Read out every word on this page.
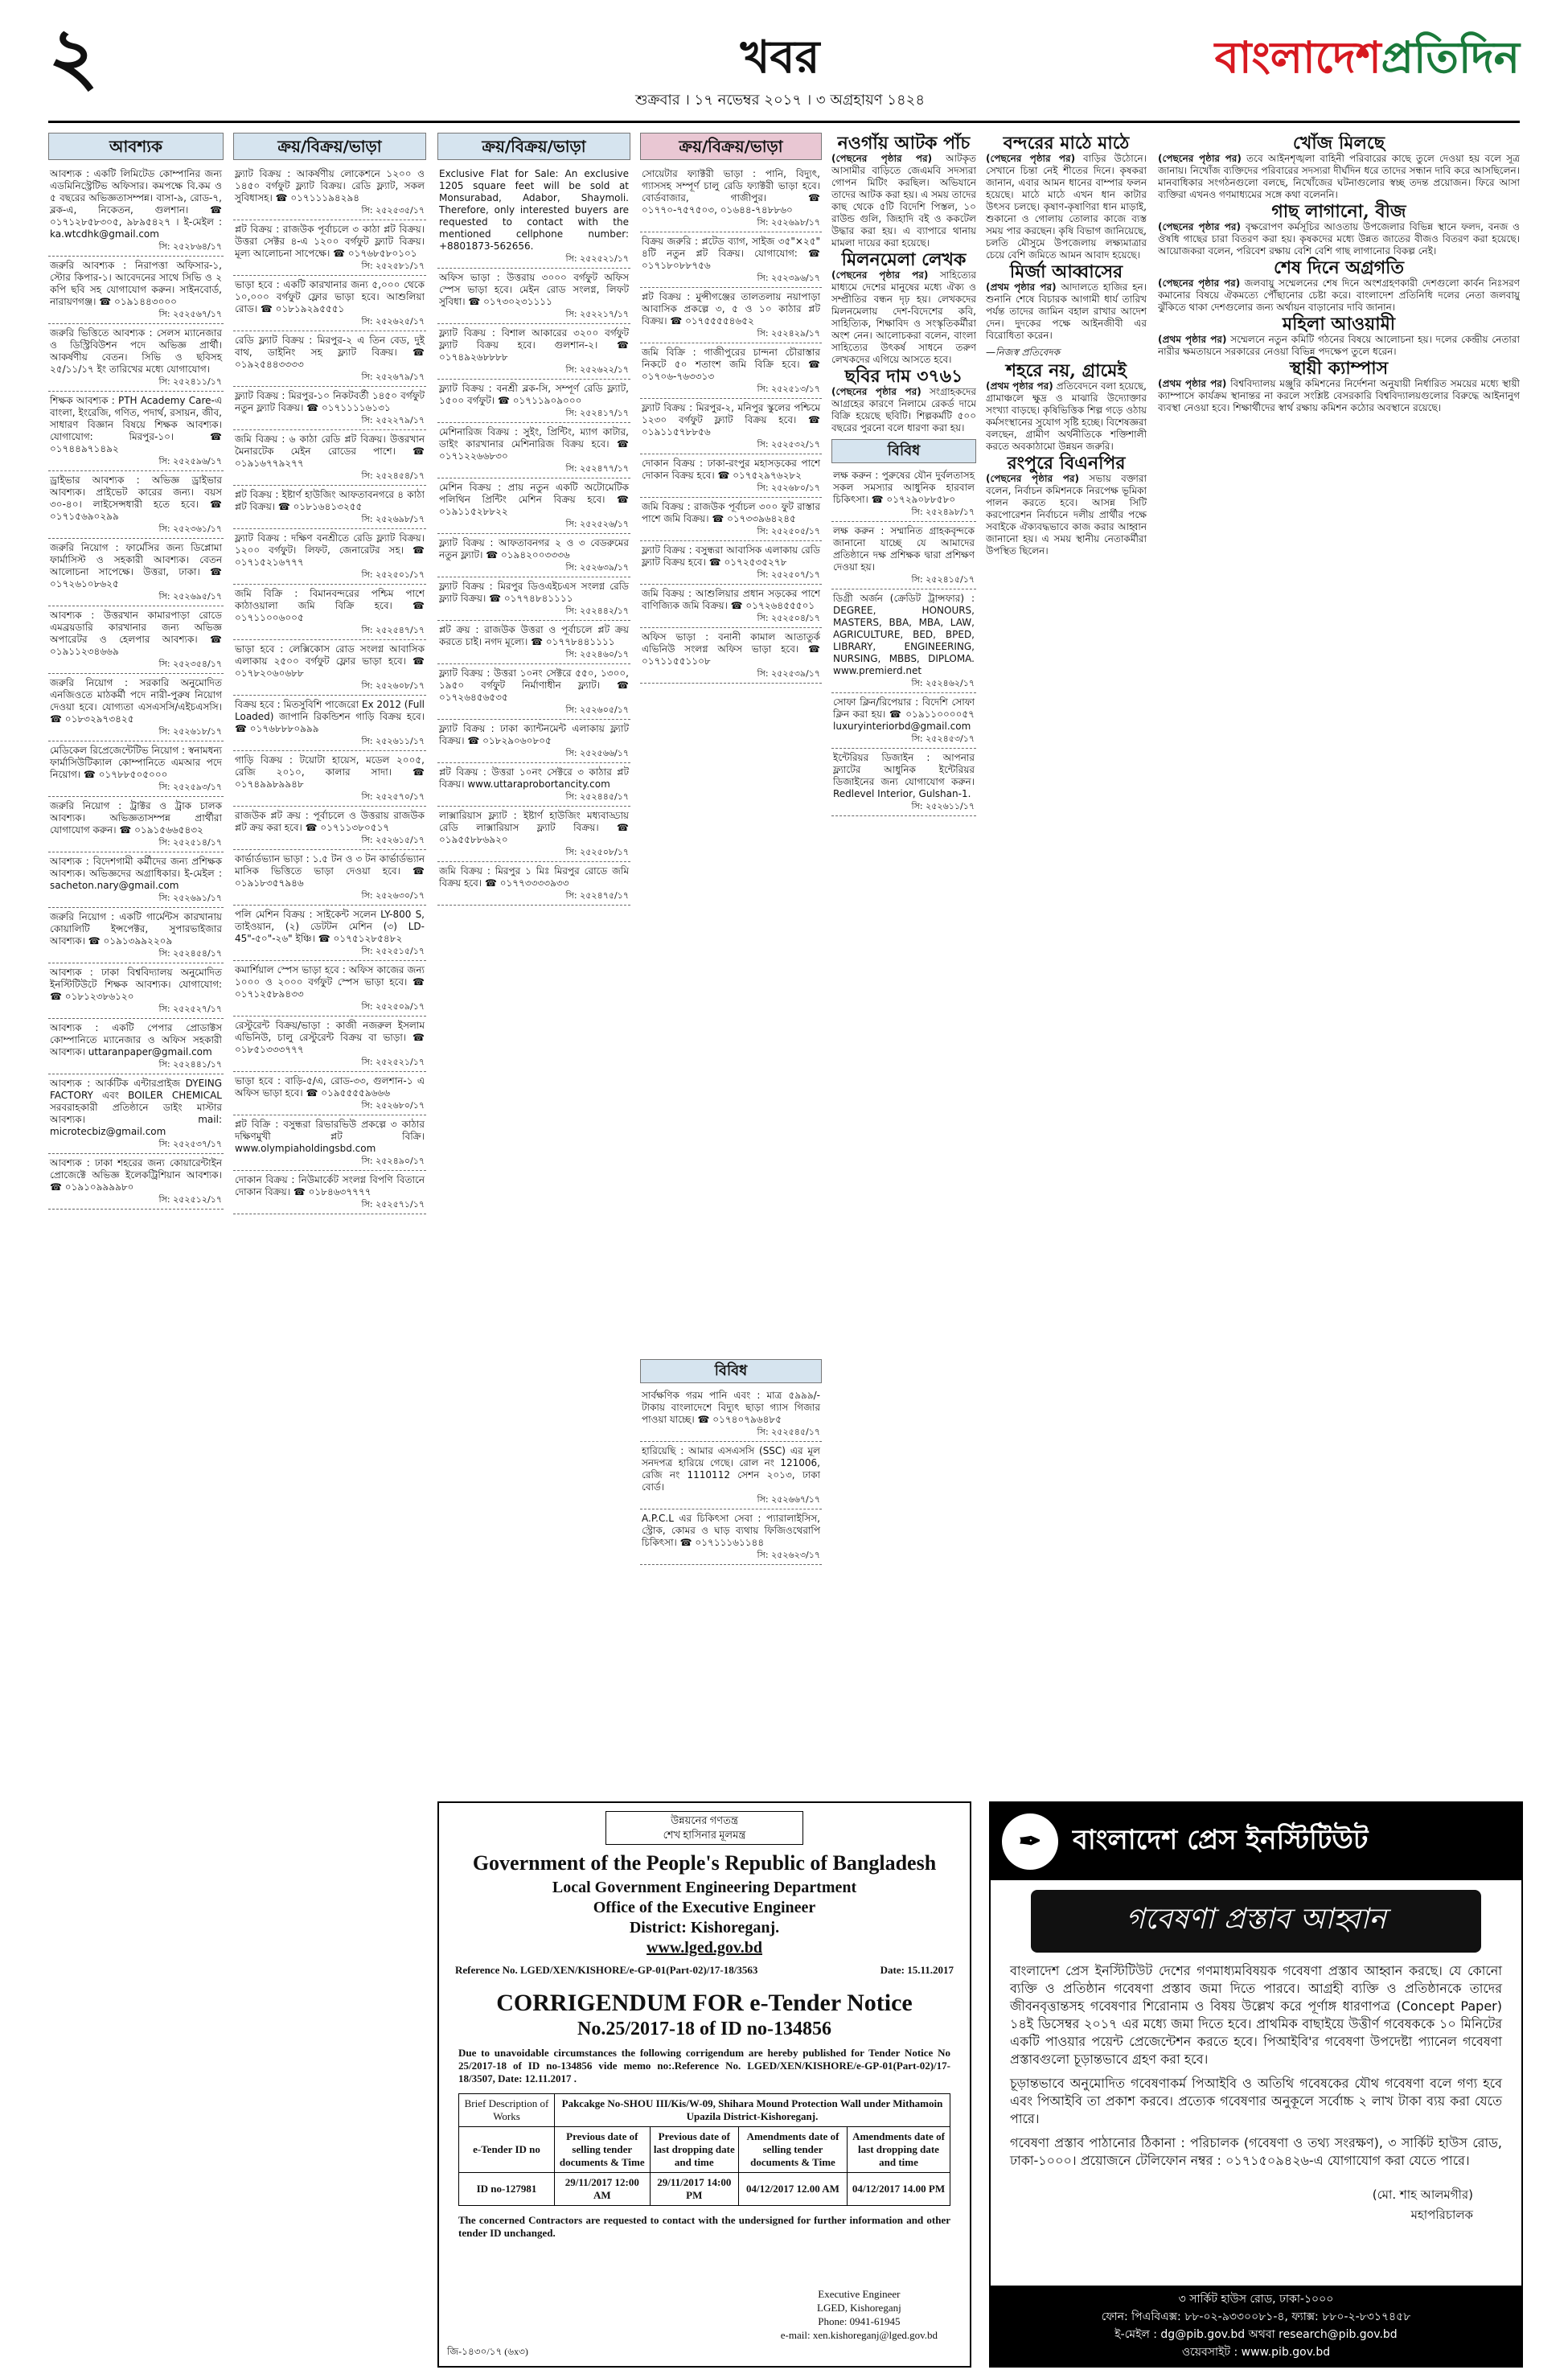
২	খবর
শুক্রবার । ১৭ নভেম্বর ২০১৭ । ৩ অগ্রহায়ণ ১৪২৪
বাংলাদেশ প্রতিদিন
আবশ্যক
আবশ্যক : একটি লিমিটেড কোম্পানির জন্য এডমিনিস্ট্রেটিভ অফিসার। কমপক্ষে বি.কম ও ৫ বছরের অভিজ্ঞতাসম্পন্ন। বাসা-৯, রোড-৭, ব্লক-এ, নিকেতন, গুলশান। ☎ ০১৭১২৮৫৮৩০৫, ৯৮৯৫৪২৭ । ই-মেইল : ka.wtcdhk@gmail.com
সি: ২৫২৮৬৪/১৭
জরুরি আবশ্যক : নিরাপত্তা অফিসার-১, স্টোর কিপার-১। আবেদনের সাথে সিভি ও ২ কপি ছবি সহ যোগাযোগ করুন। সাইনবোর্ড, নারায়ণগঞ্জ। ☎ ০১৯১৪৪৩০০০
সি: ২৫২৫৬৭/১৭
জরুরি ভিত্তিতে আবশ্যক : সেলস ম্যানেজার ও ডিস্ট্রিবিউশন পদে অভিজ্ঞ প্রার্থী। আকর্ষণীয় বেতন। সিভি ও ছবিসহ ২৫/১১/১৭ ইং তারিখের মধ্যে যোগাযোগ।
সি: ২৫২৪১১/১৭
শিক্ষক আবশ্যক : PTH Academy Care-এ বাংলা, ইংরেজি, গণিত, পদার্থ, রসায়ন, জীব, সাধারণ বিজ্ঞান বিষয়ে শিক্ষক আবশ্যক। যোগাযোগ: মিরপুর-১০। ☎ ০১৭৪৪৯৭১৪৯২
সি: ২৫২৫৯৬/১৭
ড্রাইভার আবশ্যক : অভিজ্ঞ ড্রাইভার আবশ্যক। প্রাইভেট কারের জন্য। বয়স ৩০-৪০। লাইসেন্সধারী হতে হবে। ☎ ০১৭১৫৬৯০২৯৯
সি: ২৫২৩৬১/১৭
জরুরি নিয়োগ : ফার্মেসির জন্য ডিপ্লোমা ফার্মাসিস্ট ও সহকারী আবশ্যক। বেতন আলোচনা সাপেক্ষে। উত্তরা, ঢাকা। ☎ ০১৭২৬১০৮৬২৫
সি: ২৫২৬৯৫/১৭
আবশ্যক : উত্তরখান কামারপাড়া রোডে এমব্রয়ডারি কারখানার জন্য অভিজ্ঞ অপারেটর ও হেলপার আবশ্যক। ☎ ০১৯১১২৩৪৬৬৯
সি: ২৫২৩৫৪/১৭
জরুরি নিয়োগ : সরকারি অনুমোদিত এনজিওতে মাঠকর্মী পদে নারী-পুরুষ নিয়োগ দেওয়া হবে। যোগ্যতা এসএসসি/এইচএসসি। ☎ ০১৮৩২৯৭৩৪২৫
সি: ২৫২৬১৮/১৭
মেডিকেল রিপ্রেজেন্টেটিভ নিয়োগ : স্বনামধন্য ফার্মাসিউটিক্যাল কোম্পানিতে এমআর পদে নিয়োগ। ☎ ০১৭৮৮৫০৫০০০
সি: ২৫২৫৯৩/১৭
জরুরি নিয়োগ : ট্রাক্টর ও ট্রাক চালক আবশ্যক। অভিজ্ঞতাসম্পন্ন প্রার্থীরা যোগাযোগ করুন। ☎ ০১৯১৫৬৬৫৪৩২
সি: ২৫২৫১৪/১৭
আবশ্যক : বিদেশগামী কর্মীদের জন্য প্রশিক্ষক আবশ্যক। অভিজ্ঞদের অগ্রাধিকার। ই-মেইল : sacheton.nary@gmail.com
সি: ২৫২৬৯১/১৭
জরুরি নিয়োগ : একটি গার্মেন্টস কারখানায় কোয়ালিটি ইন্সপেক্টর, সুপারভাইজার আবশ্যক। ☎ ০১৯১৩৯৯২২০৯
সি: ২৫২৪৫৪/১৭
আবশ্যক : ঢাকা বিশ্ববিদ্যালয় অনুমোদিত ইনস্টিটিউটে শিক্ষক আবশ্যক। যোগাযোগ: ☎ ০১৮১২৩৮৬১২০
সি: ২৫২৫২৭/১৭
আবশ্যক : একটি পেপার প্রোডাক্টস কোম্পানিতে ম্যানেজার ও অফিস সহকারী আবশ্যক। uttaranpaper@gmail.com
সি: ২৫২৪৪১/১৭
আবশ্যক : আর্কটিক এন্টারপ্রাইজ DYEING FACTORY এবং BOILER CHEMICAL সরবরাহকারী প্রতিষ্ঠানে ডাইং মাস্টার আবশ্যক। mail: microtecbiz@gmail.com
সি: ২৫২৫৩৭/১৭
আবশ্যক : ঢাকা শহরের জন্য কোয়ারেন্টাইন প্রোজেক্টে অভিজ্ঞ ইলেকট্রিশিয়ান আবশ্যক। ☎ ০১৯১০৯৯৯৯৮০
সি: ২৫২৫১২/১৭
ক্রয়/বিক্রয়/ভাড়া
ফ্ল্যাট বিক্রয় : আকর্ষণীয় লোকেশনে ১২০০ ও ১৪৫০ বর্গফুট ফ্ল্যাট বিক্রয়। রেডি ফ্ল্যাট, সকল সুবিধাসহ। ☎ ০১৭১১১৯৪২৯৪
সি: ২৫২৫৩৫/১৭
প্লট বিক্রয় : রাজউক পূর্বাচলে ৩ কাঠা প্লট বিক্রয়। উত্তরা সেক্টর ৪-এ ১২০০ বর্গফুট ফ্ল্যাট বিক্রয়। মূল্য আলোচনা সাপেক্ষে। ☎ ০১৭৬৮৫৮০১০১
সি: ২৫২৫৮১/১৭
ভাড়া হবে : একটি কারখানার জন্য ৫,০০০ থেকে ১০,০০০ বর্গফুট ফ্লোর ভাড়া হবে। আশুলিয়া রোড। ☎ ০১৮১৯২৯৫৫৫১
সি: ২৫২৬২৫/১৭
রেডি ফ্ল্যাট বিক্রয় : মিরপুর-২ এ তিন বেড, দুই বাথ, ডাইনিং সহ ফ্ল্যাট বিক্রয়। ☎ ০১৯২৫৪৪৩৩৩৩
সি: ২৫২৬৭৯/১৭
ফ্ল্যাট বিক্রয় : মিরপুর-১০ নিকটবর্তী ১৪৫০ বর্গফুট নতুন ফ্ল্যাট বিক্রয়। ☎ ০১৭১১১১৬১৩১
সি: ২৫২২৭৯/১৭
জমি বিক্রয় : ৬ কাঠা রেডি প্লট বিক্রয়। উত্তরখান মৈনারটেক মেইন রোডের পাশে। ☎ ০১৯১৬৭৭৯২৭৭
সি: ২৫২৪৫৪/১৭
প্লট বিক্রয় : ইষ্টার্ণ হাউজিং আফতাবনগরে ৪ কাঠা প্লট বিক্রয়। ☎ ০১৮১৬৪১৩২৫৫
সি: ২৫২৬৯৮/১৭
ফ্ল্যাট বিক্রয় : দক্ষিণ বনশ্রীতে রেডি ফ্ল্যাট বিক্রয়। ১২০০ বর্গফুট। লিফট, জেনারেটর সহ। ☎ ০১৭১৫২১৬৭৭৭
সি: ২৫২৫০১/১৭
জমি বিক্রি : বিমানবন্দরের পশ্চিম পাশে কাঠাওয়ালা জমি বিক্রি হবে। ☎ ০১৭১১০০৬০০৫
সি: ২৫২৫৪৭/১৭
ভাড়া হবে : লেক্সিকোস রোড সংলগ্ন আবাসিক এলাকায় ২৫০০ বর্গফুট ফ্লোর ভাড়া হবে। ☎ ০১৭৮২০৬০৬৮৮
সি: ২৫২৬০৮/১৭
বিক্রয় হবে : মিতসুবিশি পাজেরো Ex 2012 (Full Loaded) জাপানি রিকন্ডিশন গাড়ি বিক্রয় হবে। ☎ ০১৭৬৮৮৮০৯৯৯
সি: ২৫২৬১১/১৭
গাড়ি বিক্রয় : টয়োটা হায়েস, মডেল ২০০৫, রেজি ২০১০, কালার সাদা। ☎ ০১৭৪৯৯৮৯৯৪৮
সি: ২৫২৫৭০/১৭
রাজউক প্লট ক্রয় : পূর্বাচলে ও উত্তরায় রাজউক প্লট ক্রয় করা হবে। ☎ ০১৭১১৩৮০৫১৭
সি: ২৫২৬১৫/১৭
কার্ভার্ডভ্যান ভাড়া : ১.৫ টন ও ৩ টন কার্ভার্ডভ্যান মাসিক ভিত্তিতে ভাড়া দেওয়া হবে। ☎ ০১৯১৮৩৫৭৯৪৬
সি: ২৫২৬৩০/১৭
পলি মেশিন বিক্রয় : সাইকেন্ট সলেন LY-800 S, তাইওয়ান, (২) ডেটটন মেশিন (৩) LD-45"-৫০"-২৬" ইঞ্চি। ☎ ০১৭৫১২৮৫৪৮২
সি: ২৫২৫১৫/১৭
কমার্শিয়াল স্পেস ভাড়া হবে : অফিস কাজের জন্য ১০০০ ও ২০০০ বর্গফুট স্পেস ভাড়া হবে। ☎ ০১৭১২৫৮৯৪৩৩
সি: ২৫২৫০৯/১৭
রেস্টুরেন্ট বিক্রয়/ভাড়া : কাজী নজরুল ইসলাম এভিনিউ, চালু রেস্টুরেন্ট বিক্রয় বা ভাড়া। ☎ ০১৮৫১৩৩৩৭৭৭
সি: ২৫২৫২১/১৭
ভাড়া হবে : বাড়ি-৫/এ, রোড-৩৩, গুলশান-১ এ অফিস ভাড়া হবে। ☎ ০১৯৫৫৫৫৯৬৬৬
সি: ২৫২৬৮০/১৭
প্লট বিক্রি : বসুন্ধরা রিভারভিউ প্রকল্পে ৩ কাঠার দক্ষিণমুখী প্লট বিক্রি। www.olympiaholdingsbd.com
সি: ২৫২৪৯০/১৭
দোকান বিক্রয় : নিউমার্কেট সংলগ্ন বিপণি বিতানে দোকান বিক্রয়। ☎ ০১৮৪৬৩৭৭৭৭
সি: ২৫২৫৭১/১৭
ক্রয়/বিক্রয়/ভাড়া
Exclusive Flat for Sale: An exclusive 1205 square feet will be sold at Monsurabad, Adabor, Shaymoli. Therefore, only interested buyers are requested to contact with the mentioned cellphone number: +8801873-562656.
সি: ২৫২৫২১/১৭
অফিস ভাড়া : উত্তরায় ৩০০০ বর্গফুট অফিস স্পেস ভাড়া হবে। মেইন রোড সংলগ্ন, লিফট সুবিধা। ☎ ০১৭৩০২৩১১১১
সি: ২৫২২১৭/১৭
ফ্ল্যাট বিক্রয় : বিশাল আকারের ৩২০০ বর্গফুট ফ্ল্যাট বিক্রয় হবে। গুলশান-২। ☎ ০১৭৪৯২৬৮৮৮৮
সি: ২৫২৬২২/১৭
ফ্ল্যাট বিক্রয় : বনশ্রী ব্লক-সি, সম্পূর্ণ রেডি ফ্ল্যাট, ১৫০০ বর্গফুট। ☎ ০১৭১১৯০৯০০০
সি: ২৫২৪১৭/১৭
মেশিনারিজ বিক্রয় : সুইং, প্রিন্টিং, ম্যাগ কাটার, ডাইং কারখানার মেশিনারিজ বিক্রয় হবে। ☎ ০১৭১২২৬৬৮৩০
সি: ২৫২৪৭৭/১৭
মেশিন বিক্রয় : প্রায় নতুন একটি অটোমেটিক পলিথিন প্রিন্টিং মেশিন বিক্রয় হবে। ☎ ০১৯১১৫২৮৮২২
সি: ২৫২৫২৬/১৭
ফ্ল্যাট বিক্রয় : আফতাবনগর ২ ও ৩ বেডরুমের নতুন ফ্ল্যাট। ☎ ০১৯৪২০০৩৩৩৬
সি: ২৫২৬৩৯/১৭
ফ্ল্যাট বিক্রয় : মিরপুর ডিওএইচএস সংলগ্ন রেডি ফ্ল্যাট বিক্রয়। ☎ ০১৭৭৪৮৪১১১১
সি: ২৫২৪৪২/১৭
প্লট ক্রয় : রাজউক উত্তরা ও পূর্বাচলে প্লট ক্রয় করতে চাই। নগদ মূল্যে। ☎ ০১৭৭৮৪৪১১১১
সি: ২৫২৪৬০/১৭
ফ্ল্যাট বিক্রয় : উত্তরা ১০নং সেক্টরে ৫৫০, ১৩০০, ১৯৫০ বর্গফুট নির্মাণাধীন ফ্ল্যাট। ☎ ০১৭২৬৪৫৬৫৩৫
সি: ২৫২৬০৫/১৭
ফ্ল্যাট বিক্রয় : ঢাকা ক্যান্টনমেন্ট এলাকায় ফ্ল্যাট বিক্রয়। ☎ ০১৮২৯০৬০৮০৫
সি: ২৫২৫৬৬/১৭
প্লট বিক্রয় : উত্তরা ১০নং সেক্টরে ৩ কাঠার প্লট বিক্রয়। www.uttaraprobortancity.com
সি: ২৫২৪৪৫/১৭
লাক্সারিয়াস ফ্ল্যাট : ইষ্টার্ণ হাউজিং মধ্যবাড্ডায় রেডি লাক্সারিয়াস ফ্ল্যাট বিক্রয়। ☎ ০১৯৫৫৮৮৬৯২০
সি: ২৫২৫০৮/১৭
জমি বিক্রয় : মিরপুর ১ মিঃ মিরপুর রোডে জমি বিক্রয় হবে। ☎ ০১৭৭৩৩৩৩৯৩৩
সি: ২৫২৪৭৫/১৭
ক্রয়/বিক্রয়/ভাড়া
সোয়েটার ফ্যাক্টরী ভাড়া : পানি, বিদ্যুৎ, গ্যাসসহ সম্পূর্ণ চালু রেডি ফ্যাক্টরী ভাড়া হবে। বোর্ডবাজার, গাজীপুর। ☎ ০১৭৭০-৭৫৭৫০৩, ০১৬৪৪-৭৪৮৮৬০
সি: ২৫২৬৯৮/১৭
বিক্রয় জরুরি : প্লটেড ব্যাগ, সাইজ ৩৫"×২৫" ৪টি নতুন প্লট বিক্রয়। যোগাযোগ: ☎ ০১৭১৮০৮৮৭৫৬
সি: ২৫২৩৯৬/১৭
প্লট বিক্রয় : মুন্সীগঞ্জের তালতলায় নয়াপাড়া আবাসিক প্রকল্পে ৩, ৫ ও ১০ কাঠার প্লট বিক্রয়। ☎ ০১৭৫৫৫৫৪৬৫২
সি: ২৫২৪২৯/১৭
জমি বিক্রি : গাজীপুরের চান্দনা চৌরাস্তার নিকটে ৫০ শতাংশ জমি বিক্রি হবে। ☎ ০১৭০৬-৭৬৩৩১৩
সি: ২৫২৫১৩/১৭
ফ্ল্যাট বিক্রয় : মিরপুর-২, মনিপুর স্কুলের পশ্চিমে ১২৩০ বর্গফুট ফ্ল্যাট বিক্রয় হবে। ☎ ০১৯১১৫৭৮৮৫৬
সি: ২৫২৫৩২/১৭
দোকান বিক্রয় : ঢাকা-রংপুর মহাসড়কের পাশে দোকান বিক্রয় হবে। ☎ ০১৭৫২৯৭৬২৮২
সি: ২৫২৬৮০/১৭
জমি বিক্রয় : রাজউক পূর্বাচল ৩০০ ফুট রাস্তার পাশে জমি বিক্রয়। ☎ ০১৭৩৩৯৬৪২৪৫
সি: ২৫২৫০৫/১৭
ফ্ল্যাট বিক্রয় : বসুন্ধরা আবাসিক এলাকায় রেডি ফ্ল্যাট বিক্রয় হবে। ☎ ০১৭২৫৩৫২৭৮
সি: ২৫২৫০৭/১৭
জমি বিক্রয় : আশুলিয়ার প্রধান সড়কের পাশে বাণিজ্যিক জমি বিক্রয়। ☎ ০১৭২৬৪৫৫৫০১
সি: ২৫২৫০৪/১৭
অফিস ভাড়া : বনানী কামাল আতাতুর্ক এভিনিউ সংলগ্ন অফিস ভাড়া হবে। ☎ ০১৭১১৫৫১১০৮
সি: ২৫২৫৩৯/১৭
বিবিধ
সার্বক্ষণিক গরম পানি এবং : মাত্র ৫৯৯৯/- টাকায় বাংলাদেশে বিদ্যুৎ ছাড়া গ্যাস গিজার পাওয়া যাচ্ছে। ☎ ০১৭৪০৭৯৬৪৮৫
সি: ২৫২৫৪৫/১৭
হারিয়েছি : আমার এসএসসি (SSC) এর মূল সনদপত্র হারিয়ে গেছে। রোল নং 121006, রেজি নং 1110112 সেশন ২০১৩, ঢাকা বোর্ড।
সি: ২৫২৬৬৭/১৭
A.P.C.L এর চিকিৎসা সেবা : প্যারালাইসিস, স্ট্রোক, কোমর ও ঘাড় ব্যথায় ফিজিওথেরাপি চিকিৎসা। ☎ ০১৭১১১৬১১৪৪
সি: ২৫২৬২৩/১৭
নওগাঁয় আটক পাঁচ

(পেছনের পৃষ্ঠার পর) আটকৃত আসামীর বাড়িতে জেএমবি সদস্যরা গোপন মিটিং করছিল। অভিযানে তাদের আটক করা হয়। এ সময় তাদের কাছ থেকে ৫টি বিদেশি পিস্তল, ১০ রাউন্ড গুলি, জিহাদি বই ও ককটেল উদ্ধার করা হয়। এ ব্যাপারে থানায় মামলা দায়ের করা হয়েছে।

মিলনমেলা লেখক

(পেছনের পৃষ্ঠার পর) সাহিত্যের মাধ্যমে দেশের মানুষের মধ্যে ঐক্য ও সম্প্রীতির বন্ধন দৃঢ় হয়। লেখকদের মিলনমেলায় দেশ-বিদেশের কবি, সাহিত্যিক, শিক্ষাবিদ ও সংস্কৃতিকর্মীরা অংশ নেন। আলোচকরা বলেন, বাংলা সাহিত্যের উৎকর্ষ সাধনে তরুণ লেখকদের এগিয়ে আসতে হবে।

ছবির দাম ৩৭৬১

(পেছনের পৃষ্ঠার পর) সংগ্রাহকদের আগ্রহের কারণে নিলামে রেকর্ড দামে বিক্রি হয়েছে ছবিটি। শিল্পকর্মটি ৫০০ বছরের পুরনো বলে ধারণা করা হয়।

বিবিধ
লক্ষ করুন : পুরুষের যৌন দুর্বলতাসহ সকল সমস্যার আধুনিক হারবাল চিকিৎসা। ☎ ০১৭২৯০৮৮৫৮০
সি: ২৫২৪৯৮/১৭
লক্ষ করুন : সম্মানিত গ্রাহকবৃন্দকে জানানো যাচ্ছে যে আমাদের প্রতিষ্ঠানে দক্ষ প্রশিক্ষক দ্বারা প্রশিক্ষণ দেওয়া হয়।
সি: ২৫২৪১৫/১৭
ডিগ্রী অর্জন (ক্রেডিট ট্রান্সফার) : DEGREE, HONOURS, MASTERS, BBA, MBA, LAW, AGRICULTURE, BED, BPED, LIBRARY, ENGINEERING, NURSING, MBBS, DIPLOMA. www.premierd.net
সি: ২৫২৪৬২/১৭
সোফা ক্লিন/রিপেয়ার : বিদেশি সোফা ক্লিন করা হয়। ☎ ০১৯১১০০০০৫৭ luxuryinteriorbd@gmail.com
সি: ২৫২৪৫৩/১৭
ইন্টেরিয়র ডিজাইন : আপনার ফ্ল্যাটের আধুনিক ইন্টেরিয়র ডিজাইনের জন্য যোগাযোগ করুন। Redlevel Interior, Gulshan-1.
সি: ২৫২৬১১/১৭
বন্দরের মাঠে মাঠে

(পেছনের পৃষ্ঠার পর) বাড়ির উঠোনে। সেখানে চিন্তা নেই শীতের দিনে। কৃষকরা জানান, এবার আমন ধানের বাম্পার ফলন হয়েছে। মাঠে মাঠে এখন ধান কাটার উৎসব চলছে। কৃষাণ-কৃষাণিরা ধান মাড়াই, শুকানো ও গোলায় তোলার কাজে ব্যস্ত সময় পার করছেন। কৃষি বিভাগ জানিয়েছে, চলতি মৌসুমে উপজেলায় লক্ষ্যমাত্রার চেয়ে বেশি জমিতে আমন আবাদ হয়েছে।

মির্জা আব্বাসের

(প্রথম পৃষ্ঠার পর) আদালতে হাজির হন। শুনানি শেষে বিচারক আগামী ধার্য তারিখ পর্যন্ত তাদের জামিন বহাল রাখার আদেশ দেন। দুদকের পক্ষে আইনজীবী এর বিরোধিতা করেন।

—নিজস্ব প্রতিবেদক
শহরে নয়, গ্রামেই

(প্রথম পৃষ্ঠার পর) প্রতিবেদনে বলা হয়েছে, গ্রামাঞ্চলে ক্ষুদ্র ও মাঝারি উদ্যোক্তার সংখ্যা বাড়ছে। কৃষিভিত্তিক শিল্প গড়ে ওঠায় কর্মসংস্থানের সুযোগ সৃষ্টি হচ্ছে। বিশেষজ্ঞরা বলছেন, গ্রামীণ অর্থনীতিকে শক্তিশালী করতে অবকাঠামো উন্নয়ন জরুরি।

রংপুরে বিএনপির

(পেছনের পৃষ্ঠার পর) সভায় বক্তারা বলেন, নির্বাচন কমিশনকে নিরপেক্ষ ভূমিকা পালন করতে হবে। আসন্ন সিটি করপোরেশন নির্বাচনে দলীয় প্রার্থীর পক্ষে সবাইকে ঐক্যবদ্ধভাবে কাজ করার আহ্বান জানানো হয়। এ সময় স্থানীয় নেতাকর্মীরা উপস্থিত ছিলেন।

খোঁজ মিলছে

(পেছনের পৃষ্ঠার পর) তবে আইনশৃঙ্খলা বাহিনী পরিবারের কাছে তুলে দেওয়া হয় বলে সূত্র জানায়। নিখোঁজ ব্যক্তিদের পরিবারের সদস্যরা দীর্ঘদিন ধরে তাদের সন্ধান দাবি করে আসছিলেন। মানবাধিকার সংগঠনগুলো বলছে, নিখোঁজের ঘটনাগুলোর স্বচ্ছ তদন্ত প্রয়োজন। ফিরে আসা ব্যক্তিরা এখনও গণমাধ্যমের সঙ্গে কথা বলেননি।

গাছ লাগানো, বীজ

(পেছনের পৃষ্ঠার পর) বৃক্ষরোপণ কর্মসূচির আওতায় উপজেলার বিভিন্ন স্থানে ফলদ, বনজ ও ঔষধি গাছের চারা বিতরণ করা হয়। কৃষকদের মধ্যে উন্নত জাতের বীজও বিতরণ করা হয়েছে। আয়োজকরা বলেন, পরিবেশ রক্ষায় বেশি বেশি গাছ লাগানোর বিকল্প নেই।

শেষ দিনে অগ্রগতি

(পেছনের পৃষ্ঠার পর) জলবায়ু সম্মেলনের শেষ দিনে অংশগ্রহণকারী দেশগুলো কার্বন নিঃসরণ কমানোর বিষয়ে ঐকমত্যে পৌঁছানোর চেষ্টা করে। বাংলাদেশ প্রতিনিধি দলের নেতা জলবায়ু ঝুঁকিতে থাকা দেশগুলোর জন্য অর্থায়ন বাড়ানোর দাবি জানান।

মহিলা আওয়ামী

(প্রথম পৃষ্ঠার পর) সম্মেলনে নতুন কমিটি গঠনের বিষয়ে আলোচনা হয়। দলের কেন্দ্রীয় নেতারা নারীর ক্ষমতায়নে সরকারের নেওয়া বিভিন্ন পদক্ষেপ তুলে ধরেন।

স্থায়ী ক্যাম্পাস

(প্রথম পৃষ্ঠার পর) বিশ্ববিদ্যালয় মঞ্জুরি কমিশনের নির্দেশনা অনুযায়ী নির্ধারিত সময়ের মধ্যে স্থায়ী ক্যাম্পাসে কার্যক্রম স্থানান্তর না করলে সংশ্লিষ্ট বেসরকারি বিশ্ববিদ্যালয়গুলোর বিরুদ্ধে আইনানুগ ব্যবস্থা নেওয়া হবে। শিক্ষার্থীদের স্বার্থ রক্ষায় কমিশন কঠোর অবস্থানে রয়েছে।

উন্নয়নের গণতন্ত্র
শেখ হাসিনার মূলমন্ত্র
Government of the People's Republic of Bangladesh
Local Government Engineering Department
Office of the Executive Engineer
District: Kishoreganj.
www.lged.gov.bd
Reference No. LGED/XEN/KISHORE/e-GP-01(Part-02)/17-18/3563	Date: 15.11.2017
CORRIGENDUM FOR e-Tender Notice
No.25/2017-18 of ID no-134856
Due to unavoidable circumstances the following corrigendum are hereby published for Tender Notice No 25/2017-18 of ID no-134856 vide memo no:.Reference No. LGED/XEN/KISHORE/e-GP-01(Part-02)/17-18/3507, Date: 12.11.2017 .
Brief Description of Works	Pakcakge No-SHOU III/Kis/W-09, Shihara Mound Protection Wall under Mithamoin Upazila District-Kishoreganj.			
e-Tender ID no	Previous date of selling tender documents & Time	Previous date of last dropping date and time	Amendments date of selling tender documents & Time	Amendments date of last dropping date and time
ID no-127981	29/11/2017 12:00 AM	29/11/2017 14:00 PM	04/12/2017 12.00 AM	04/12/2017 14.00 PM
The concerned Contractors are requested to contact with the undersigned for further information and other tender ID unchanged.
Executive Engineer
LGED, Kishoreganj
Phone: 0941-61945
e-mail: xen.kishoreganj@lged.gov.bd
জি-১৪৩০/১৭ (৬x৩)
✒	বাংলাদেশ প্রেস ইনস্টিটিউট
গবেষণা প্রস্তাব আহ্বান

বাংলাদেশ প্রেস ইনস্টিটিউট দেশের গণমাধ্যমবিষয়ক গবেষণা প্রস্তাব আহ্বান করছে। যে কোনো ব্যক্তি ও প্রতিষ্ঠান গবেষণা প্রস্তাব জমা দিতে পারবে। আগ্রহী ব্যক্তি ও প্রতিষ্ঠানকে তাদের জীবনবৃত্তান্তসহ গবেষণার শিরোনাম ও বিষয় উল্লেখ করে পূর্ণাঙ্গ ধারণাপত্র (Concept Paper) ১৪ই ডিসেম্বর ২০১৭ এর মধ্যে জমা দিতে হবে। প্রাথমিক বাছাইয়ে উত্তীর্ণ গবেষককে ১০ মিনিটের একটি পাওয়ার পয়েন্ট প্রেজেন্টেশন করতে হবে। পিআইবি'র গবেষণা উপদেষ্টা প্যানেল গবেষণা প্রস্তাবগুলো চূড়ান্তভাবে গ্রহণ করা হবে।

চূড়ান্তভাবে অনুমোদিত গবেষণাকর্ম পিআইবি ও অতিথি গবেষকের যৌথ গবেষণা বলে গণ্য হবে এবং পিআইবি তা প্রকাশ করবে। প্রত্যেক গবেষণার অনুকূলে সর্বোচ্চ ২ লাখ টাকা ব্যয় করা যেতে পারে।

গবেষণা প্রস্তাব পাঠানোর ঠিকানা : পরিচালক (গবেষণা ও তথ্য সংরক্ষণ), ৩ সার্কিট হাউস রোড, ঢাকা-১০০০। প্রয়োজনে টেলিফোন নম্বর : ০১৭১৫০৯৪২৬-এ যোগাযোগ করা যেতে পারে।

(মো. শাহ আলমগীর)
মহাপরিচালক
৩ সার্কিট হাউস রোড, ঢাকা-১০০০
ফোন: পিএবিএক্স: ৮৮-০২-৯৩৩০০৮১-৪, ফ্যাক্স: ৮৮০-২-৮৩১৭৪৫৮
ই-মেইল : dg@pib.gov.bd অথবা research@pib.gov.bd
ওয়েবসাইট : www.pib.gov.bd
